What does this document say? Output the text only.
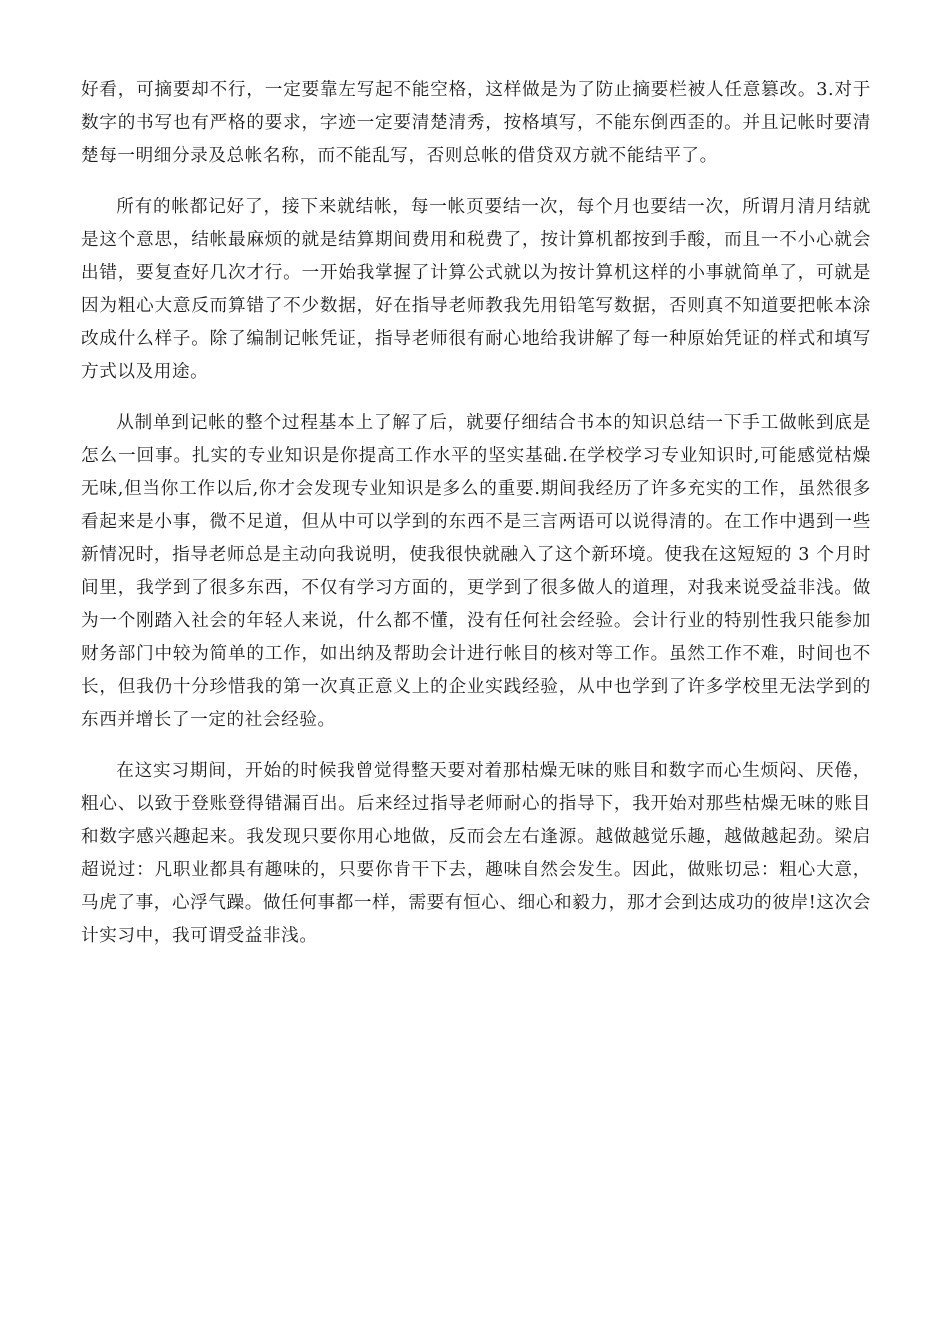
好看，可摘要却不行，一定要靠左写起不能空格，这样做是为了防止摘要栏被人任意篡改。3.对于数字的书写也有严格的要求，字迹一定要清楚清秀，按格填写，不能东倒西歪的。并且记帐时要清楚每一明细分录及总帐名称，而不能乱写，否则总帐的借贷双方就不能结平了。

所有的帐都记好了，接下来就结帐，每一帐页要结一次，每个月也要结一次，所谓月清月结就是这个意思，结帐最麻烦的就是结算期间费用和税费了，按计算机都按到手酸，而且一不小心就会出错，要复查好几次才行。一开始我掌握了计算公式就以为按计算机这样的小事就简单了，可就是因为粗心大意反而算错了不少数据，好在指导老师教我先用铅笔写数据，否则真不知道要把帐本涂改成什么样子。除了编制记帐凭证，指导老师很有耐心地给我讲解了每一种原始凭证的样式和填写方式以及用途。

从制单到记帐的整个过程基本上了解了后，就要仔细结合书本的知识总结一下手工做帐到底是怎么一回事。扎实的专业知识是你提高工作水平的坚实基础.在学校学习专业知识时,可能感觉枯燥无味,但当你工作以后,你才会发现专业知识是多么的重要.期间我经历了许多充实的工作，虽然很多看起来是小事，微不足道，但从中可以学到的东西不是三言两语可以说得清的。在工作中遇到一些新情况时，指导老师总是主动向我说明，使我很快就融入了这个新环境。使我在这短短的 3 个月时间里，我学到了很多东西，不仅有学习方面的，更学到了很多做人的道理，对我来说受益非浅。做为一个刚踏入社会的年轻人来说，什么都不懂，没有任何社会经验。会计行业的特别性我只能参加财务部门中较为简单的工作，如出纳及帮助会计进行帐目的核对等工作。虽然工作不难，时间也不长，但我仍十分珍惜我的第一次真正意义上的企业实践经验，从中也学到了许多学校里无法学到的东西并增长了一定的社会经验。

在这实习期间，开始的时候我曾觉得整天要对着那枯燥无味的账目和数字而心生烦闷、厌倦，粗心、以致于登账登得错漏百出。后来经过指导老师耐心的指导下，我开始对那些枯燥无味的账目和数字感兴趣起来。我发现只要你用心地做，反而会左右逢源。越做越觉乐趣，越做越起劲。梁启超说过：凡职业都具有趣味的，只要你肯干下去，趣味自然会发生。因此，做账切忌：粗心大意，马虎了事，心浮气躁。做任何事都一样，需要有恒心、细心和毅力，那才会到达成功的彼岸!这次会计实习中，我可谓受益非浅。
